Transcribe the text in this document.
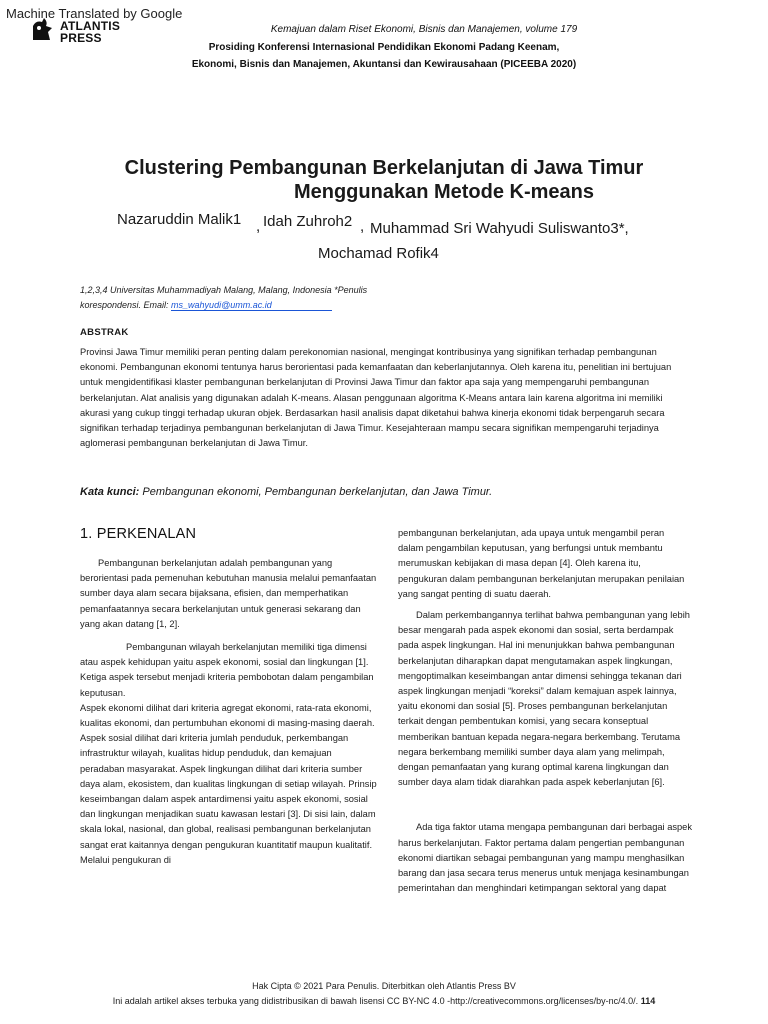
Machine Translated by Google
ATLANTIS
PRESS
Kemajuan dalam Riset Ekonomi, Bisnis dan Manajemen, volume 179
Prosiding Konferensi Internasional Pendidikan Ekonomi Padang Keenam,
Ekonomi, Bisnis dan Manajemen, Akuntansi dan Kewirausahaan (PICEEBA 2020)
Clustering Pembangunan Berkelanjutan di Jawa Timur
Menggunakan Metode K-means
Nazaruddin Malik1 , Idah Zuhroh2 , Muhammad Sri Wahyudi Suliswanto3*,
Mochamad Rofik4
1,2,3,4 Universitas Muhammadiyah Malang, Malang, Indonesia *Penulis
korespondensi. Email: ms_wahyudi@umm.ac.id
ABSTRAK
Provinsi Jawa Timur memiliki peran penting dalam perekonomian nasional, mengingat kontribusinya yang signifikan terhadap pembangunan ekonomi. Pembangunan ekonomi tentunya harus berorientasi pada kemanfaatan dan keberlanjutannya. Oleh karena itu, penelitian ini bertujuan untuk mengidentifikasi klaster pembangunan berkelanjutan di Provinsi Jawa Timur dan faktor apa saja yang mempengaruhi pembangunan berkelanjutan. Alat analisis yang digunakan adalah K-means. Alasan penggunaan algoritma K-Means antara lain karena algoritma ini memiliki akurasi yang cukup tinggi terhadap ukuran objek. Berdasarkan hasil analisis dapat diketahui bahwa kinerja ekonomi tidak berpengaruh secara signifikan terhadap terjadinya pembangunan berkelanjutan di Jawa Timur. Kesejahteraan mampu secara signifikan mempengaruhi terjadinya aglomerasi pembangunan berkelanjutan di Jawa Timur.
Kata kunci: Pembangunan ekonomi, Pembangunan berkelanjutan, dan Jawa Timur.
1. PERKENALAN

Pembangunan berkelanjutan adalah pembangunan yang berorientasi pada pemenuhan kebutuhan manusia melalui pemanfaatan sumber daya alam secara bijaksana, efisien, dan memperhatikan pemanfaatannya secara berkelanjutan untuk generasi sekarang dan yang akan datang [1, 2].

Pembangunan wilayah berkelanjutan memiliki tiga dimensi atau aspek kehidupan yaitu aspek ekonomi, sosial dan lingkungan [1]. Ketiga aspek tersebut menjadi kriteria pembobotan dalam pengambilan keputusan.

Aspek ekonomi dilihat dari kriteria agregat ekonomi, rata-rata ekonomi, kualitas ekonomi, dan pertumbuhan ekonomi di masing-masing daerah. Aspek sosial dilihat dari kriteria jumlah penduduk, perkembangan infrastruktur wilayah, kualitas hidup penduduk, dan kemajuan peradaban masyarakat. Aspek lingkungan dilihat dari kriteria sumber daya alam, ekosistem, dan kualitas lingkungan di setiap wilayah. Prinsip keseimbangan dalam aspek antardimensi yaitu aspek ekonomi, sosial dan lingkungan menjadikan suatu kawasan lestari [3]. Di sisi lain, dalam skala lokal, nasional, dan global, realisasi pembangunan berkelanjutan sangat erat kaitannya dengan pengukuran kuantitatif maupun kualitatif. Melalui pengukuran di

pembangunan berkelanjutan, ada upaya untuk mengambil peran dalam pengambilan keputusan, yang berfungsi untuk membantu merumuskan kebijakan di masa depan [4]. Oleh karena itu, pengukuran dalam pembangunan berkelanjutan merupakan penilaian yang sangat penting di suatu daerah.

Dalam perkembangannya terlihat bahwa pembangunan yang lebih besar mengarah pada aspek ekonomi dan sosial, serta berdampak pada aspek lingkungan. Hal ini menunjukkan bahwa pembangunan berkelanjutan diharapkan dapat mengutamakan aspek lingkungan, mengoptimalkan keseimbangan antar dimensi sehingga tekanan dari aspek lingkungan menjadi “koreksi” dalam kemajuan aspek lainnya, yaitu ekonomi dan sosial [5]. Proses pembangunan berkelanjutan terkait dengan pembentukan komisi, yang secara konseptual memberikan bantuan kepada negara-negara berkembang. Terutama negara berkembang memiliki sumber daya alam yang melimpah, dengan pemanfaatan yang kurang optimal karena lingkungan dan sumber daya alam tidak diarahkan pada aspek keberlanjutan [6].

Ada tiga faktor utama mengapa pembangunan dari berbagai aspek harus berkelanjutan. Faktor pertama dalam pengertian pembangunan ekonomi diartikan sebagai pembangunan yang mampu menghasilkan barang dan jasa secara terus menerus untuk menjaga kesinambungan pemerintahan dan menghindari ketimpangan sektoral yang dapat

Hak Cipta © 2021 Para Penulis. Diterbitkan oleh Atlantis Press BV
Ini adalah artikel akses terbuka yang didistribusikan di bawah lisensi CC BY-NC 4.0 -http://creativecommons.org/licenses/by-nc/4.0/. 114
